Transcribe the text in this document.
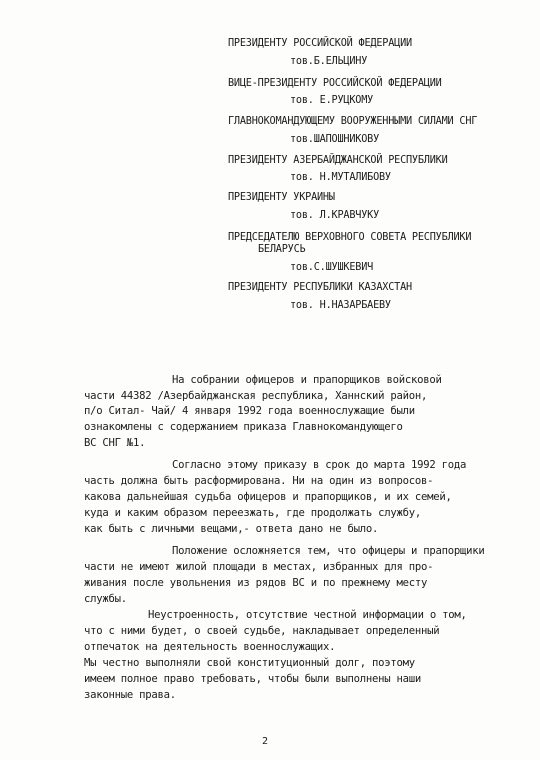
ПРЕЗИДЕНТУ РОССИЙСКОЙ ФЕДЕРАЦИИ
тов.Б.ЕЛЬЦИНУ
ВИЦЕ-ПРЕЗИДЕНТУ РОССИЙСКОЙ ФЕДЕРАЦИИ
тов. Е.РУЦКОМУ
ГЛАВНОКОМАНДУЮЩЕМУ ВООРУЖЕННЫМИ СИЛАМИ СНГ
тов.ШАПОШНИКОВУ
ПРЕЗИДЕНТУ АЗЕРБАЙДЖАНСКОЙ РЕСПУБЛИКИ
тов. Н.МУТАЛИБОВУ
ПРЕЗИДЕНТУ УКРАИНЫ
тов. Л.КРАВЧУКУ
ПРЕДСЕДАТЕЛЮ ВЕРХОВНОГО СОВЕТА РЕСПУБЛИКИ
БЕЛАРУСЬ
тов.С.ШУШКЕВИЧ
ПРЕЗИДЕНТУ РЕСПУБЛИКИ КАЗАХСТАН
тов. Н.НАЗАРБАЕВУ
На собрании офицеров и прапорщиков войсковой
части 44382 /Азербайджанская республика, Ханнский район,
п/о Ситал- Чай/ 4 января 1992 года военнослужащие были
ознакомлены с содержанием приказа Главнокомандующего
ВС СНГ №1.
Согласно этому приказу в срок до марта 1992 года
часть должна быть расформирована. Ни на один из вопросов-
какова дальнейшая судьба офицеров и прапорщиков, и их семей,
куда и каким образом переезжать, где продолжать службу,
как быть с личными вещами,- ответа дано не было.
Положение осложняется тем, что офицеры и прапорщики
части не имеют жилой площади в местах, избранных для про-
живания после увольнения из рядов ВС и по прежнему месту
службы.
Неустроенность, отсутствие честной информации о том,
что с ними будет, о своей судьбе, накладывает определенный
отпечаток на деятельность военнослужащих.
Мы честно выполняли свой конституционный долг, поэтому
имеем полное право требовать, чтобы были выполнены наши
законные права.
2
